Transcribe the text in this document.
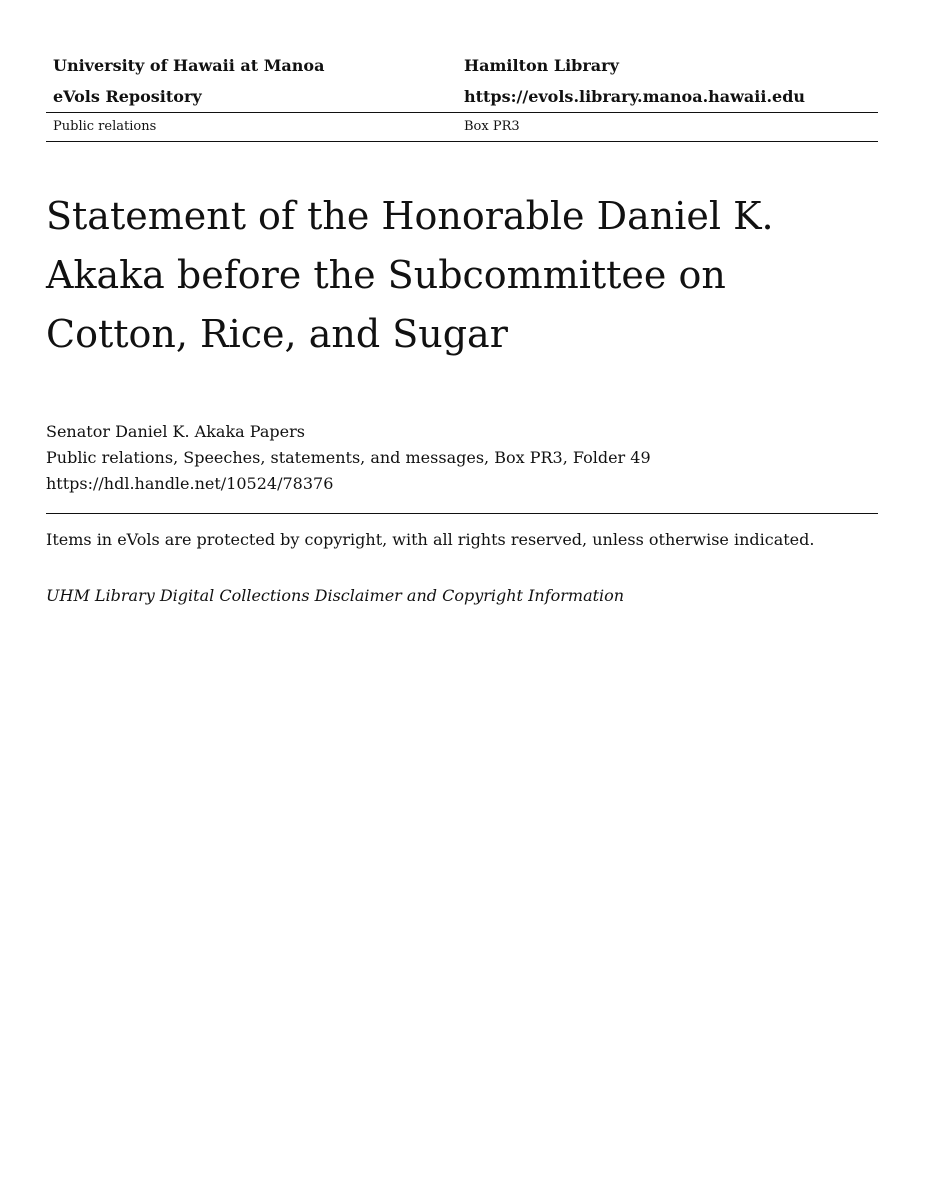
University of Hawaii at Manoa	Hamilton Library
eVols Repository	https://evols.library.manoa.hawaii.edu
Public relations	Box PR3
Statement of the Honorable Daniel K. Akaka before the Subcommittee on Cotton, Rice, and Sugar
Senator Daniel K. Akaka Papers
Public relations, Speeches, statements, and messages, Box PR3, Folder 49
https://hdl.handle.net/10524/78376
Items in eVols are protected by copyright, with all rights reserved, unless otherwise indicated.
UHM Library Digital Collections Disclaimer and Copyright Information
